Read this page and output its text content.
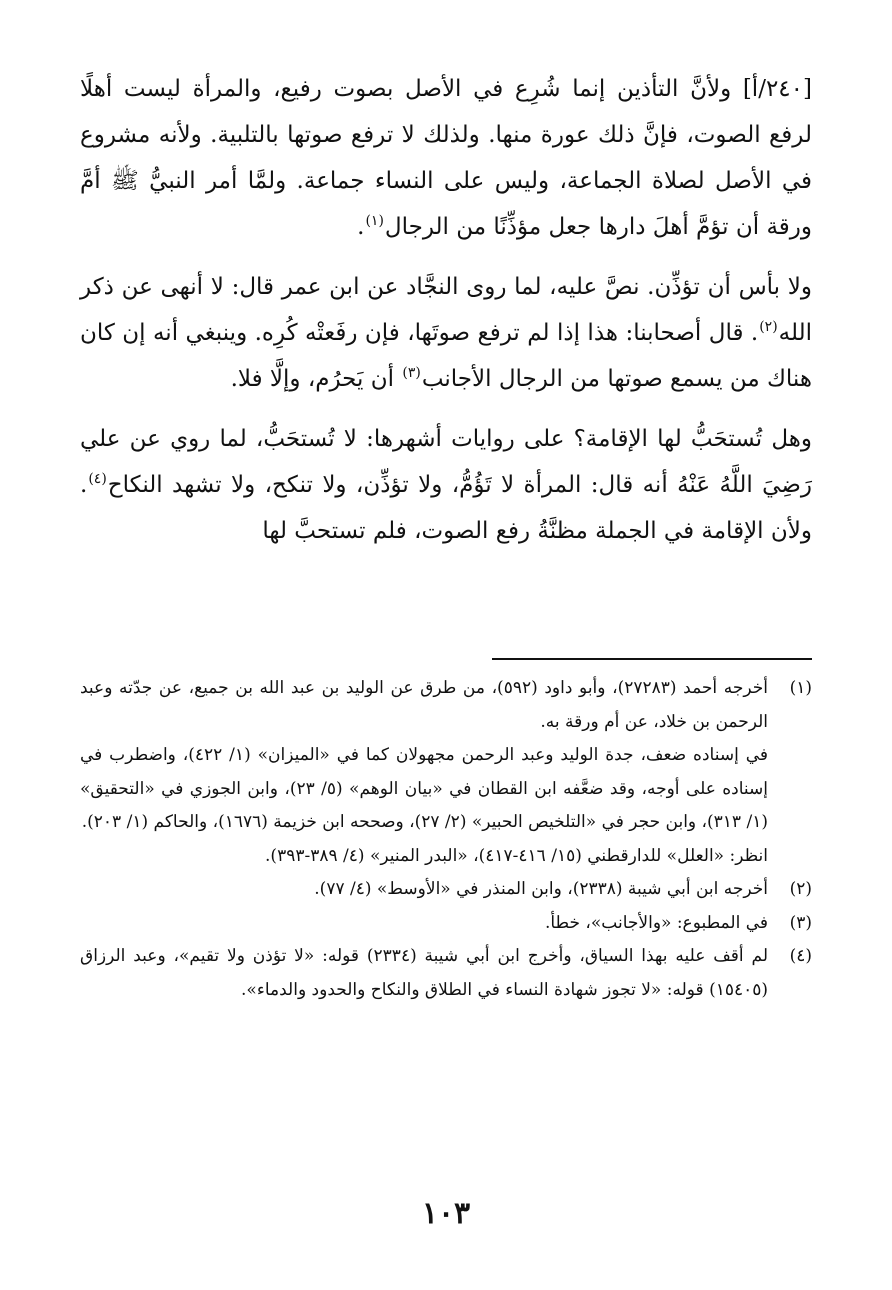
[٢٤٠/أ] ولأنَّ التأذين إنما شُرِع في الأصل بصوت رفيع، والمرأة ليست أهلًا لرفع الصوت، فإنَّ ذلك عورة منها. ولذلك لا ترفع صوتها بالتلبية. ولأنه مشروع في الأصل لصلاة الجماعة، وليس على النساء جماعة. ولمَّا أمر النبيُّ ﷺ أمَّ ورقة أن تؤمَّ أهلَ دارها جعل مؤذِّنًا من الرجال$^{(١)}$.

ولا بأس أن تؤذِّن. نصَّ عليه، لما روى النجَّاد عن ابن عمر قال: لا أنهى عن ذكر الله$^{(٢)}$. قال أصحابنا: هذا إذا لم ترفع صوتَها، فإن رفَعتْه كُرِه. وينبغي أنه إن كان هناك من يسمع صوتها من الرجال الأجانب$^{(٣)}$ أن يَحرُم، وإلَّا فلا.

وهل تُستحَبُّ لها الإقامة؟ على روايات أشهرها: لا تُستحَبُّ، لما روي عن علي رَضِيَ اللَّهُ عَنْهُ أنه قال: المرأة لا تَؤُمُّ، ولا تؤذِّن، ولا تنكح، ولا تشهد النكاح$^{(٤)}$. ولأن الإقامة في الجملة مظنَّةُ رفع الصوت، فلم تستحبَّ لها

(١)
أخرجه أحمد (٢٧٢٨٣)، وأبو داود (٥٩٢)، من طرق عن الوليد بن عبد الله بن جميع، عن جدّته وعبد الرحمن بن خلاد، عن أم ورقة به.
في إسناده ضعف، جدة الوليد وعبد الرحمن مجهولان كما في «الميزان» (١/ ٤٢٢)، واضطرب في إسناده على أوجه، وقد ضعَّفه ابن القطان في «بيان الوهم» (٥/ ٢٣)، وابن الجوزي في «التحقيق» (١/ ٣١٣)، وابن حجر في «التلخيص الحبير» (٢/ ٢٧)، وصححه ابن خزيمة (١٦٧٦)، والحاكم (١/ ٢٠٣).
انظر: «العلل» للدارقطني (١٥/ ٤١٦-٤١٧)، «البدر المنير» (٤/ ٣٨٩-٣٩٣).
(٢)
أخرجه ابن أبي شيبة (٢٣٣٨)، وابن المنذر في «الأوسط» (٤/ ٧٧).
(٣)
في المطبوع: «والأجانب»، خطأ.
(٤)
لم أقف عليه بهذا السياق، وأخرج ابن أبي شيبة (٢٣٣٤) قوله: «لا تؤذن ولا تقيم»، وعبد الرزاق (١٥٤٠٥) قوله: «لا تجوز شهادة النساء في الطلاق والنكاح والحدود والدماء».
١٠٣
